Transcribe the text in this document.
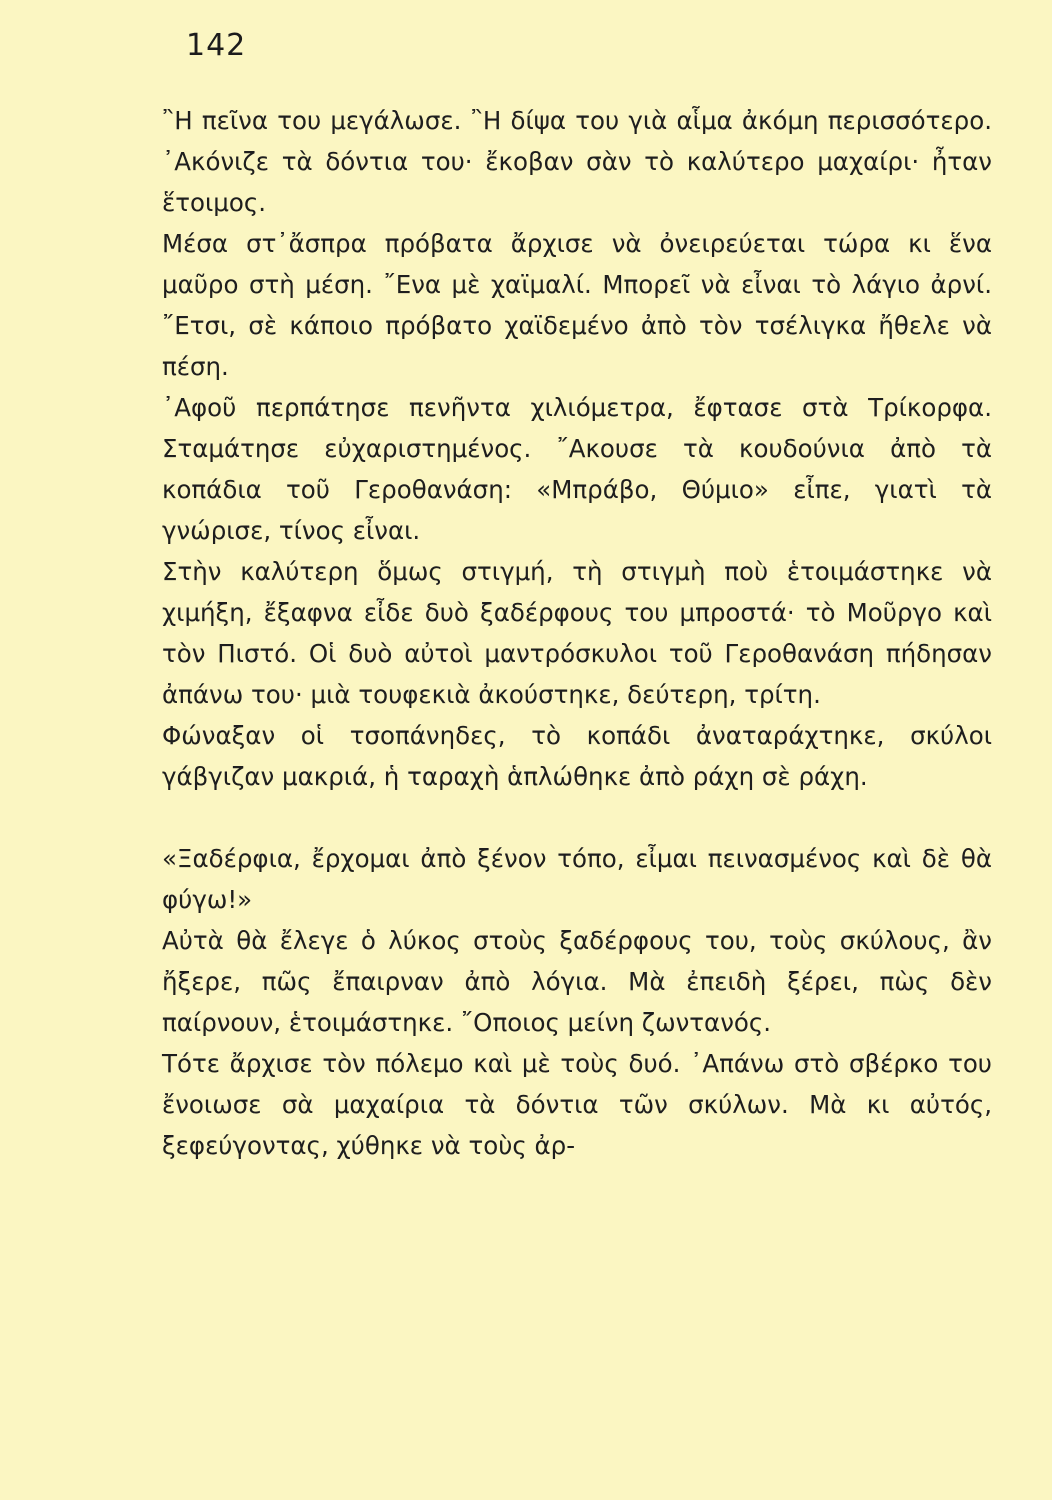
142

῍Η πεῖνα του μεγάλωσε. ῍Η δίψα του γιὰ αἷμα ἀκόμη περισσότερο. ᾿Ακόνιζε τὰ δόντια του· ἔκοβαν σὰν τὸ καλύτερο μαχαίρι· ἦταν ἕτοιμος.

Μέσα στ᾿ἄσπρα πρόβατα ἄρχισε νὰ ὀνειρεύεται τώρα κι ἕνα μαῦρο στὴ μέση. ῎Ενα μὲ χαϊμαλί. Μπορεῖ νὰ εἶναι τὸ λάγιο ἀρνί. ῎Ετσι, σὲ κάποιο πρόβατο χαϊδεμένο ἀπὸ τὸν τσέλιγκα ἤθελε νὰ πέση.

᾿Αφοῦ περπάτησε πενῆντα χιλιόμετρα, ἔφτασε στὰ Τρίκορφα. Σταμάτησε εὐχαριστημένος. ῎Ακουσε τὰ κουδούνια ἀπὸ τὰ κοπάδια τοῦ Γεροθανάση: «Μπράβο, Θύμιο» εἶπε, γιατὶ τὰ γνώρισε, τίνος εἶναι.

Στὴν καλύτερη ὅμως στιγμή, τὴ στιγμὴ ποὺ ἑτοιμάστηκε νὰ χιμήξη, ἔξαφνα εἶδε δυὸ ξαδέρφους του μπροστά· τὸ Μοῦργο καὶ τὸν Πιστό. Οἱ δυὸ αὐτοὶ μαντρόσκυλοι τοῦ Γεροθανάση πήδησαν ἀπάνω του· μιὰ τουφεκιὰ ἀκούστηκε, δεύτερη, τρίτη.

Φώναξαν οἱ τσοπάνηδες, τὸ κοπάδι ἀναταράχτηκε, σκύλοι γάβγιζαν μακριά, ἡ ταραχὴ ἁπλώθηκε ἀπὸ ράχη σὲ ράχη.

«Ξαδέρφια, ἔρχομαι ἀπὸ ξένον τόπο, εἶμαι πεινασμένος καὶ δὲ θὰ φύγω!»

Αὐτὰ θὰ ἔλεγε ὁ λύκος στοὺς ξαδέρφους του, τοὺς σκύλους, ἂν ἤξερε, πῶς ἔπαιρναν ἀπὸ λόγια. Μὰ ἐπειδὴ ξέρει, πὼς δὲν παίρνουν, ἑτοιμάστηκε. ῎Οποιος μείνη ζωντανός.

Τότε ἄρχισε τὸν πόλεμο καὶ μὲ τοὺς δυό. ᾿Απάνω στὸ σβέρκο του ἔνοιωσε σὰ μαχαίρια τὰ δόντια τῶν σκύλων. Μὰ κι αὐτός, ξεφεύγοντας, χύθηκε νὰ τοὺς ἀρ-
